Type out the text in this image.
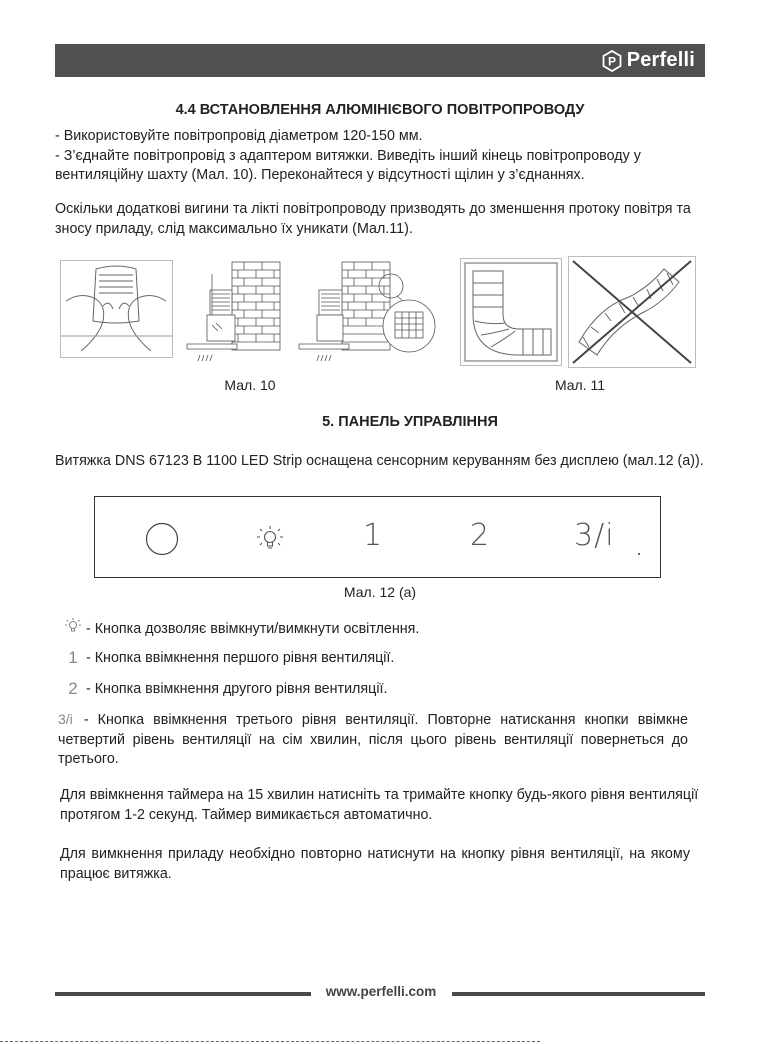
P Perfelli
4.4 ВСТАНОВЛЕННЯ АЛЮМІНІЄВОГО ПОВІТРОПРОВОДУ

- Використовуйте повітропровід діаметром 120-150 мм.

- З’єднайте повітропровід з адаптером витяжки. Виведіть інший кінець повітропроводу у вентиляційну шахту (Мал. 10). Переконайтеся у відсутності щілин у з’єднаннях.

Оскільки додаткові вигини та лікті повітропроводу призводять до зменшення протоку повітря та зносу приладу, слід максимально їх уникати (Мал.11).
Мал. 10	Мал. 11
5. ПАНЕЛЬ УПРАВЛІННЯ
Витяжка DNS 67123 B 1100 LED Strip оснащена сенсорним керуванням без дисплею (мал.12 (а)).
1	2	3/i
Мал. 12 (а)
- Кнопка дозволяє ввімкнути/вимкнути освітлення.
1 - Кнопка ввімкнення першого рівня вентиляції.
2 - Кнопка ввімкнення другого рівня вентиляції.
3/i - Кнопка ввімкнення третього рівня вентиляції. Повторне натискання кнопки ввімкне четвертий рівень вентиляції на сім хвилин, після цього рівень вентиляції повернеться до третього.
Для ввімкнення таймера на 15 хвилин натисніть та тримайте кнопку будь-якого рівня вентиляції протягом 1-2 секунд. Таймер вимикається автоматично.
Для вимкнення приладу необхідно повторно натиснути на кнопку рівня вентиляції, на якому працює витяжка.
www.perfelli.com
